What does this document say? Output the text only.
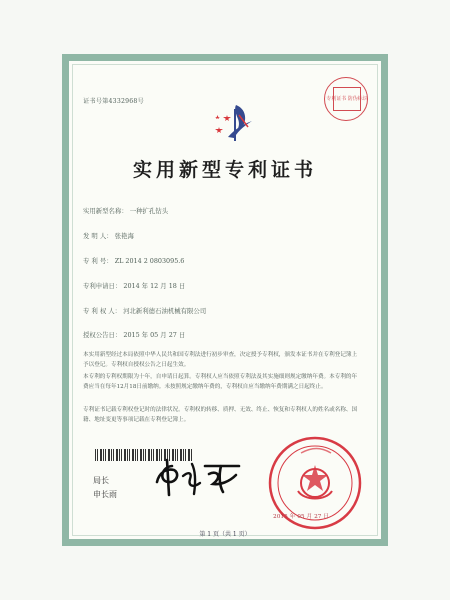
证书号第4332968号	专利证书 防伪标识
实用新型专利证书
实用新型名称： 一种扩孔钻头
发 明 人： 张艳海
专 利 号： ZL 2014 2 0803095.6
专利申请日： 2014 年 12 月 18 日
专 利 权 人： 河北新利德石油机械有限公司
授权公告日： 2015 年 05 月 27 日
本实用新型经过本局依照中华人民共和国专利法进行初步审查，决定授予专利权，颁发本证书并在专利登记簿上予以登记。专利权自授权公告之日起生效。
本专利的专利权期限为十年，自申请日起算。专利权人应当依照专利法及其实施细则规定缴纳年费。本专利的年费应当在每年12月18日前缴纳。未按照规定缴纳年费的，专利权自应当缴纳年费期满之日起终止。
专利证书记载专利权登记时的法律状况。专利权的转移、质押、无效、终止、恢复和专利权人的姓名或名称、国籍、地址变更等事项记载在专利登记簿上。
局长
申长雨
2015 年 05 月 27 日
第 1 页（共 1 页）
